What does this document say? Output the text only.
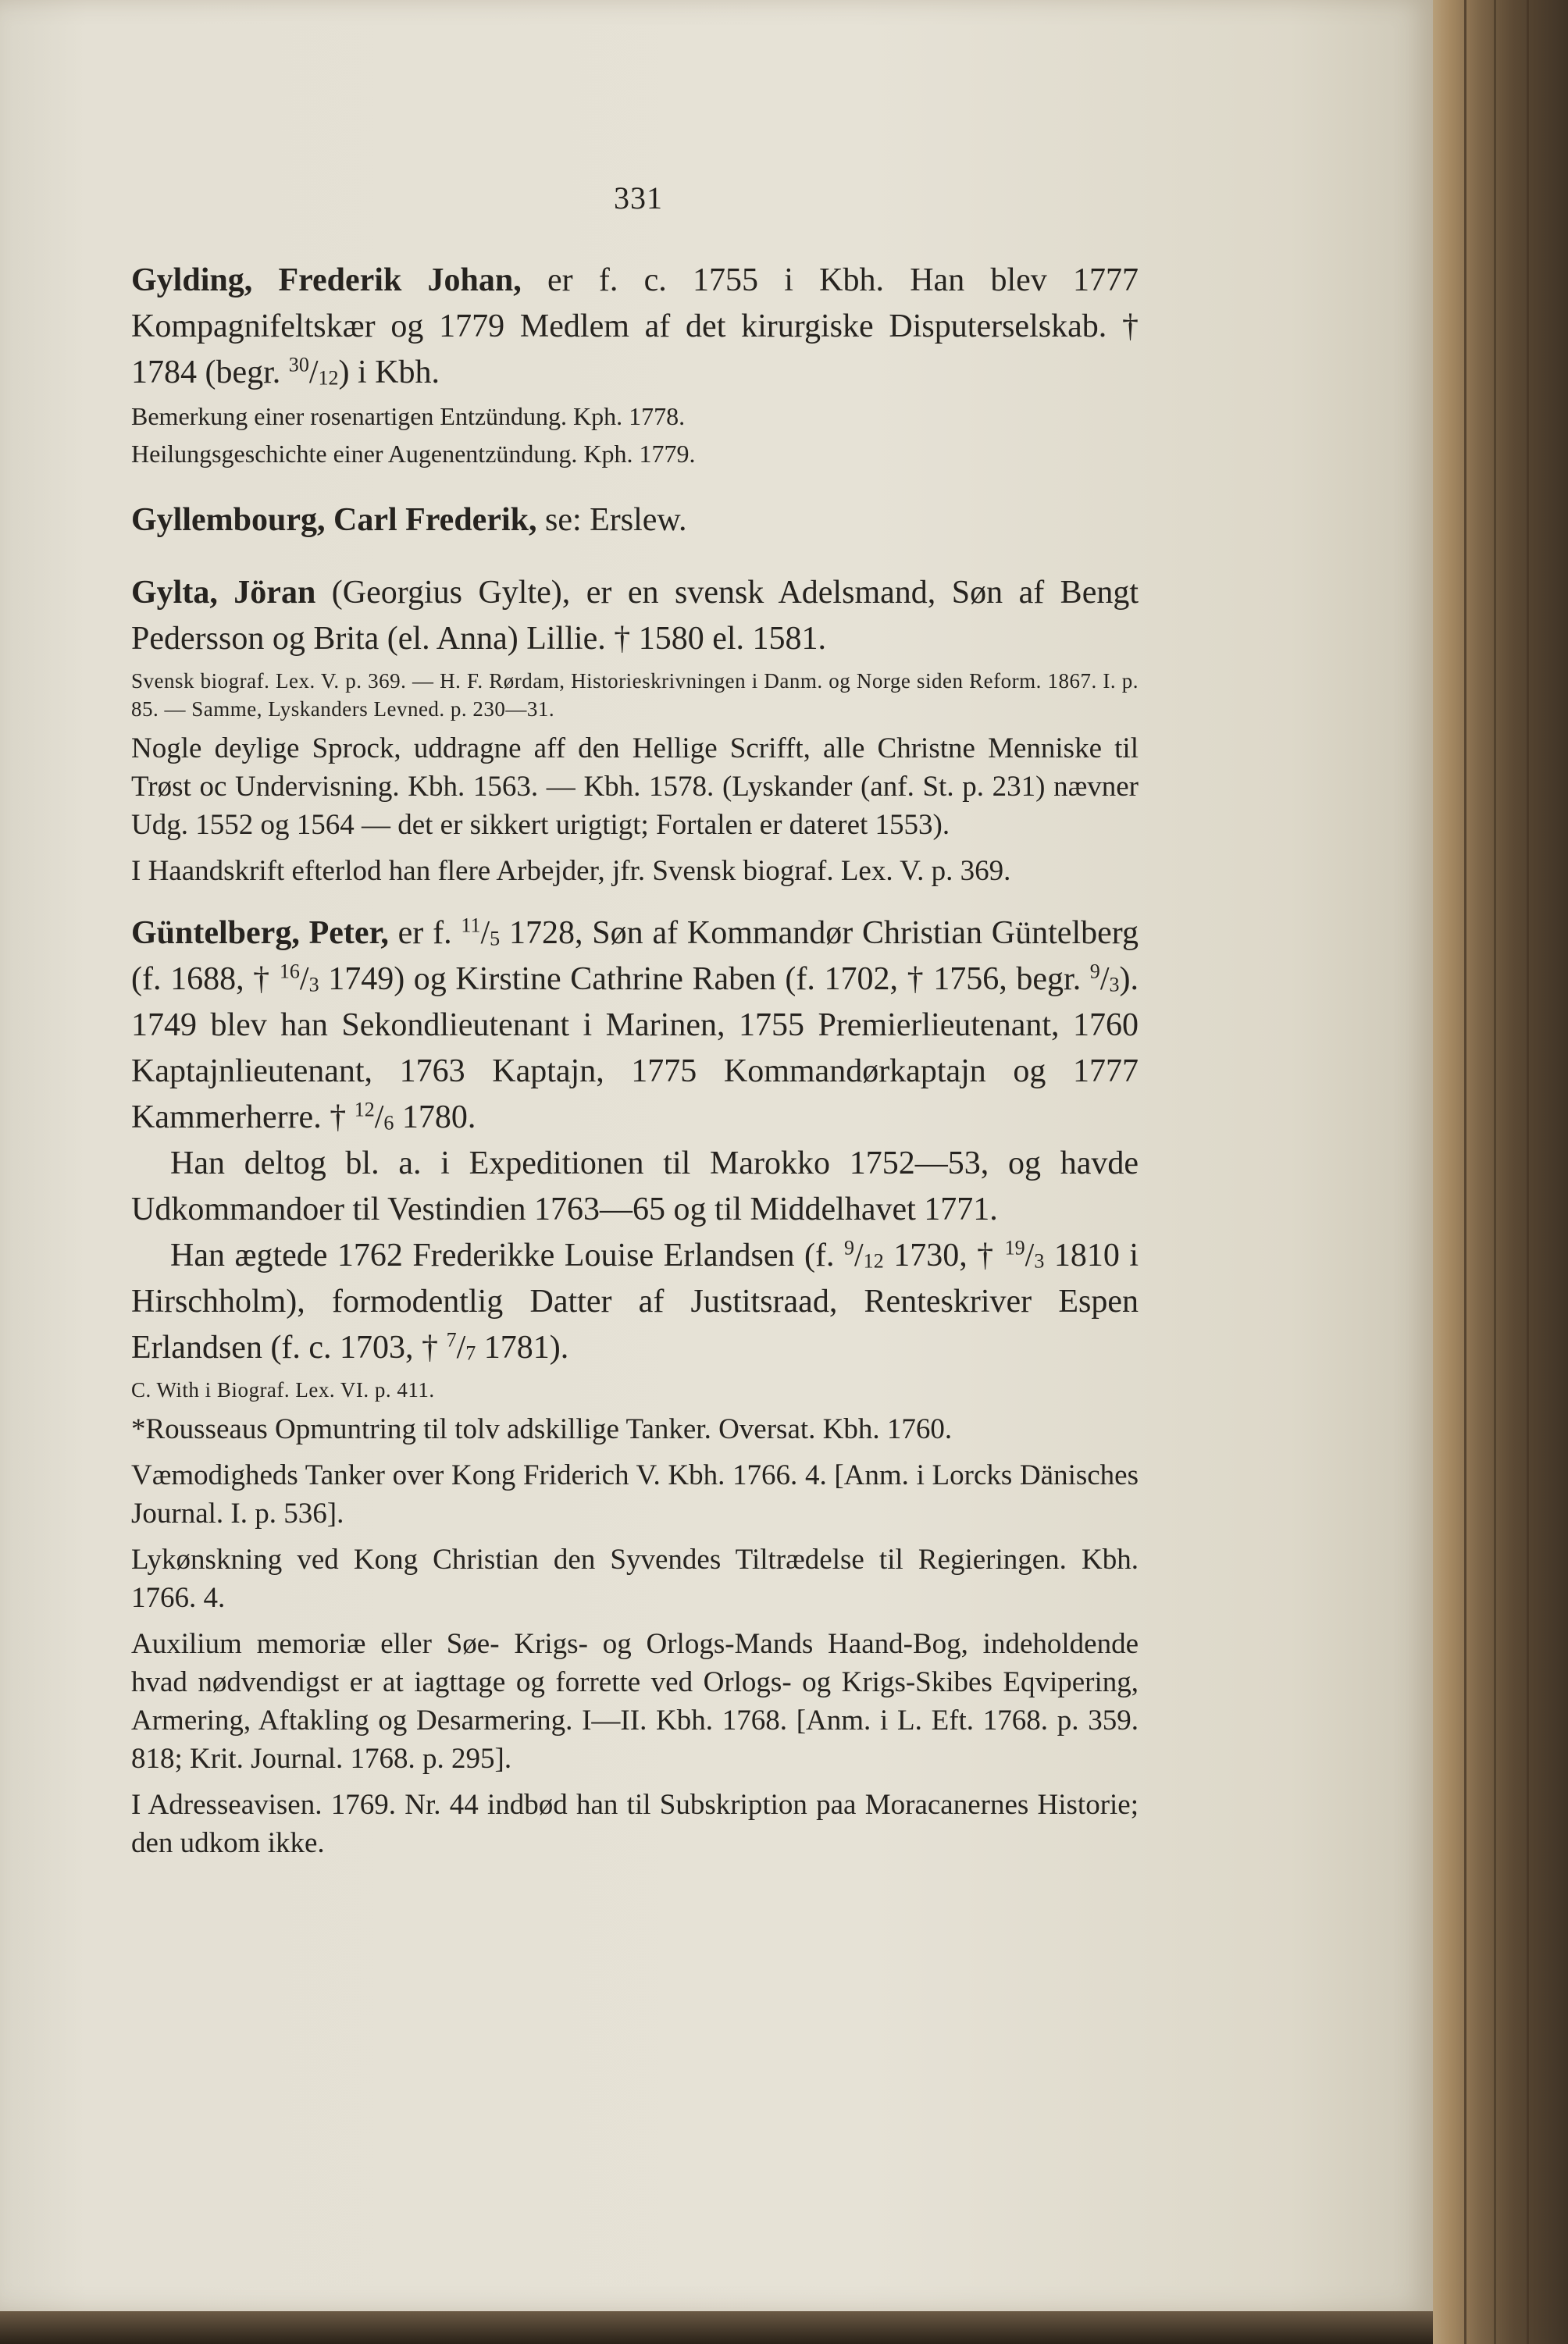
331

Gylding, Frederik Johan, er f. c. 1755 i Kbh. Han blev 1777 Kompagnifeltskær og 1779 Medlem af det kirurgiske Disputerselskab. † 1784 (begr. $^{30}/_{12}$) i Kbh.

Bemerkung einer rosenartigen Entzündung. Kph. 1778.

Heilungsgeschichte einer Augenentzündung. Kph. 1779.

Gyllembourg, Carl Frederik, se: Erslew.

Gylta, Jöran (Georgius Gylte), er en svensk Adelsmand, Søn af Bengt Pedersson og Brita (el. Anna) Lillie. † 1580 el. 1581.

Svensk biograf. Lex. V. p. 369. — H. F. Rørdam, Historieskrivningen i Danm. og Norge siden Reform. 1867. I. p. 85. — Samme, Lyskanders Levned. p. 230—31.

Nogle deylige Sprock, uddragne aff den Hellige Scrifft, alle Christne Menniske til Trøst oc Undervisning. Kbh. 1563. — Kbh. 1578. (Lyskander (anf. St. p. 231) nævner Udg. 1552 og 1564 — det er sikkert urigtigt; Fortalen er dateret 1553).

I Haandskrift efterlod han flere Arbejder, jfr. Svensk biograf. Lex. V. p. 369.

Güntelberg, Peter, er f. $^{11}/_5$ 1728, Søn af Kommandør Christian Güntelberg (f. 1688, † $^{16}/_3$ 1749) og Kirstine Cathrine Raben (f. 1702, † 1756, begr. $^9/_3$). 1749 blev han Sekondlieutenant i Marinen, 1755 Premierlieutenant, 1760 Kaptajnlieutenant, 1763 Kaptajn, 1775 Kommandørkaptajn og 1777 Kammerherre. † $^{12}/_6$ 1780.

Han deltog bl. a. i Expeditionen til Marokko 1752—53, og havde Udkommandoer til Vestindien 1763—65 og til Middelhavet 1771.

Han ægtede 1762 Frederikke Louise Erlandsen (f. $^9/_{12}$ 1730, † $^{19}/_3$ 1810 i Hirschholm), formodentlig Datter af Justitsraad, Renteskriver Espen Erlandsen (f. c. 1703, † $^7/_7$ 1781).

C. With i Biograf. Lex. VI. p. 411.

*Rousseaus Opmuntring til tolv adskillige Tanker. Oversat. Kbh. 1760.

Væmodigheds Tanker over Kong Friderich V. Kbh. 1766. 4. [Anm. i Lorcks Dänisches Journal. I. p. 536].

Lykønskning ved Kong Christian den Syvendes Tiltrædelse til Regieringen. Kbh. 1766. 4.

Auxilium memoriæ eller Søe- Krigs- og Orlogs-Mands Haand-Bog, indeholdende hvad nødvendigst er at iagttage og forrette ved Orlogs- og Krigs-Skibes Eqvipering, Armering, Aftakling og Desarmering. I—II. Kbh. 1768. [Anm. i L. Eft. 1768. p. 359. 818; Krit. Journal. 1768. p. 295].

I Adresseavisen. 1769. Nr. 44 indbød han til Subskription paa Moracanernes Historie; den udkom ikke.
